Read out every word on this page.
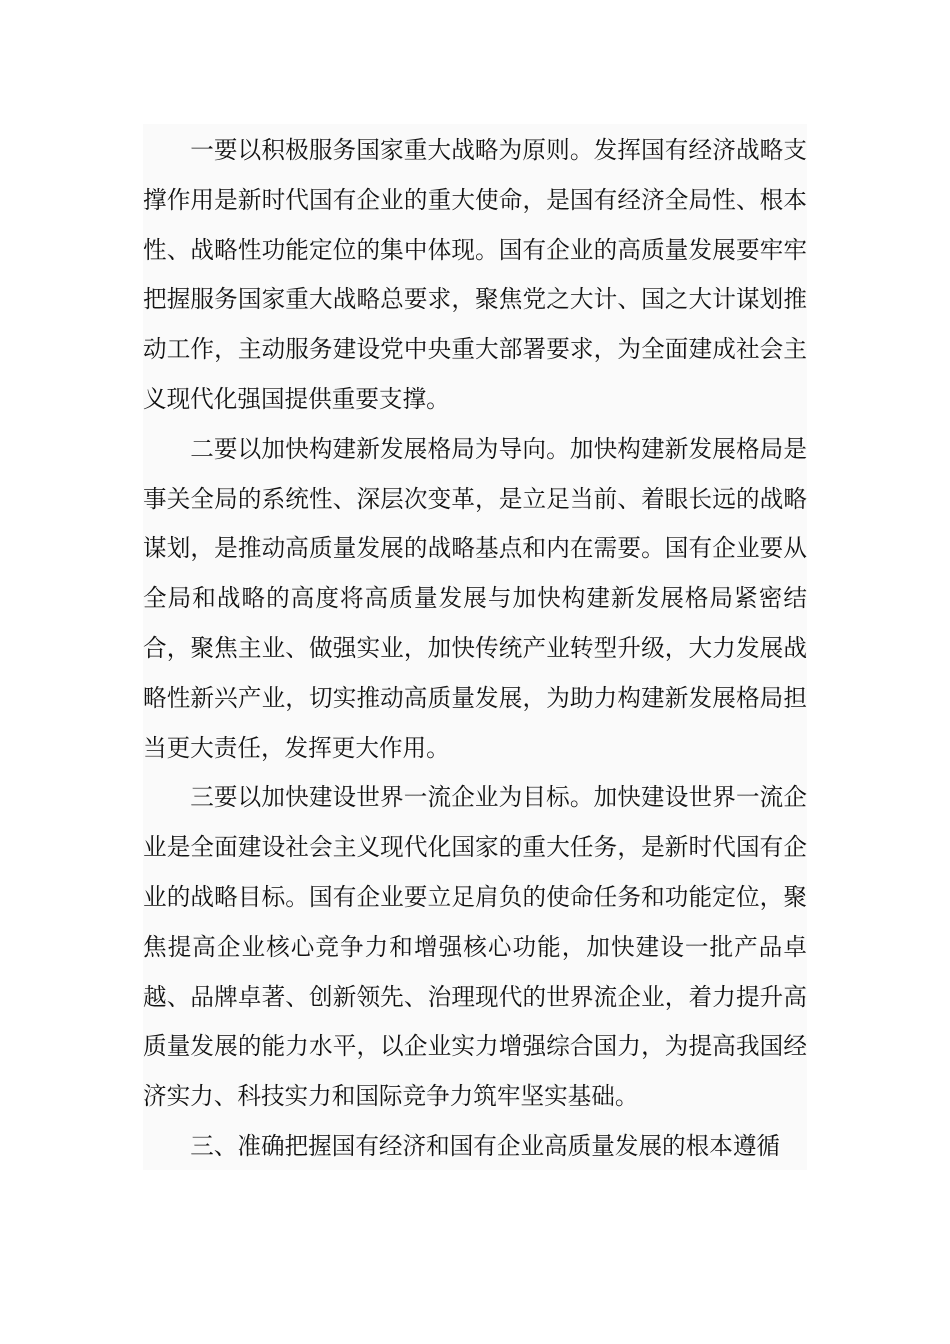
一要以积极服务国家重大战略为原则。发挥国有经济战略支撑作用是新时代国有企业的重大使命，是国有经济全局性、根本性、战略性功能定位的集中体现。国有企业的高质量发展要牢牢把握服务国家重大战略总要求，聚焦党之大计、国之大计谋划推动工作，主动服务建设党中央重大部署要求，为全面建成社会主义现代化强国提供重要支撑。

二要以加快构建新发展格局为导向。加快构建新发展格局是事关全局的系统性、深层次变革，是立足当前、着眼长远的战略谋划，是推动高质量发展的战略基点和内在需要。国有企业要从全局和战略的高度将高质量发展与加快构建新发展格局紧密结合，聚焦主业、做强实业，加快传统产业转型升级，大力发展战略性新兴产业，切实推动高质量发展，为助力构建新发展格局担当更大责任，发挥更大作用。

三要以加快建设世界一流企业为目标。加快建设世界一流企业是全面建设社会主义现代化国家的重大任务，是新时代国有企业的战略目标。国有企业要立足肩负的使命任务和功能定位，聚焦提高企业核心竞争力和增强核心功能，加快建设一批产品卓越、品牌卓著、创新领先、治理现代的世界流企业，着力提升高质量发展的能力水平，以企业实力增强综合国力，为提高我国经济实力、科技实力和国际竞争力筑牢坚实基础。

三、准确把握国有经济和国有企业高质量发展的根本遵循
